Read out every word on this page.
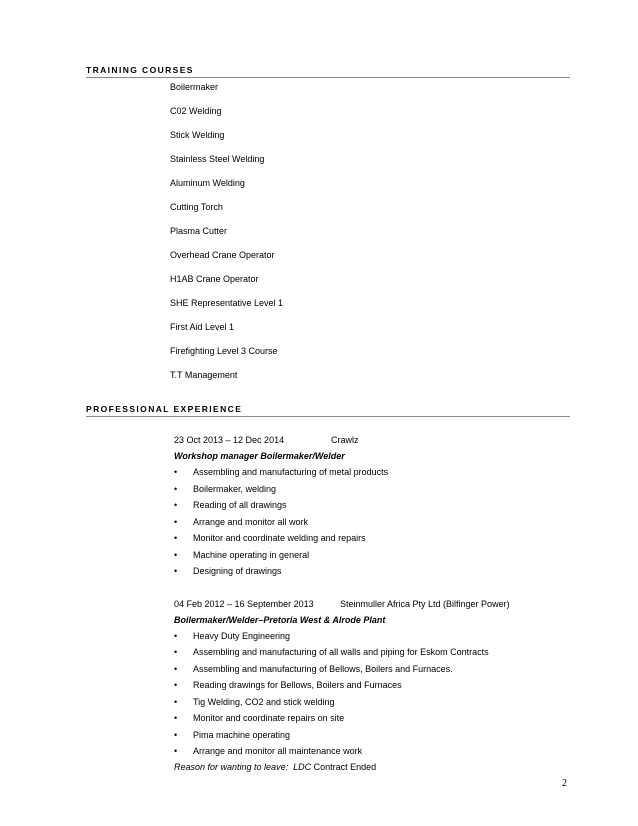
TRAINING COURSES
Boilermaker
C02 Welding
Stick Welding
Stainless Steel Welding
Aluminum Welding
Cutting Torch
Plasma Cutter
Overhead Crane Operator
H1AB Crane Operator
SHE Representative Level 1
First Aid Level 1
Firefighting Level 3 Course
T.T Management
PROFESSIONAL EXPERIENCE
23 Oct 2013 – 12 Dec 2014	Crawlz
Workshop manager Boilermaker/Welder
• Assembling and manufacturing of metal products
• Boilermaker, welding
• Reading of all drawings
• Arrange and monitor all work
• Monitor and coordinate welding and repairs
• Machine operating in general
• Designing of drawings
04 Feb 2012 – 16 September 2013	Steinmuller Africa Pty Ltd (Bilfinger Power)
Boilermaker/Welder–Pretoria West & Alrode Plant
• Heavy Duty Engineering
• Assembling and manufacturing of all walls and piping for Eskom Contracts
• Assembling and manufacturing of Bellows, Boilers and Furnaces.
• Reading drawings for Bellows, Boilers and Furnaces
• Tig Welding, CO2 and stick welding
• Monitor and coordinate repairs on site
• Pima machine operating
• Arrange and monitor all maintenance work
Reason for wanting to leave: LDC Contract Ended
2
